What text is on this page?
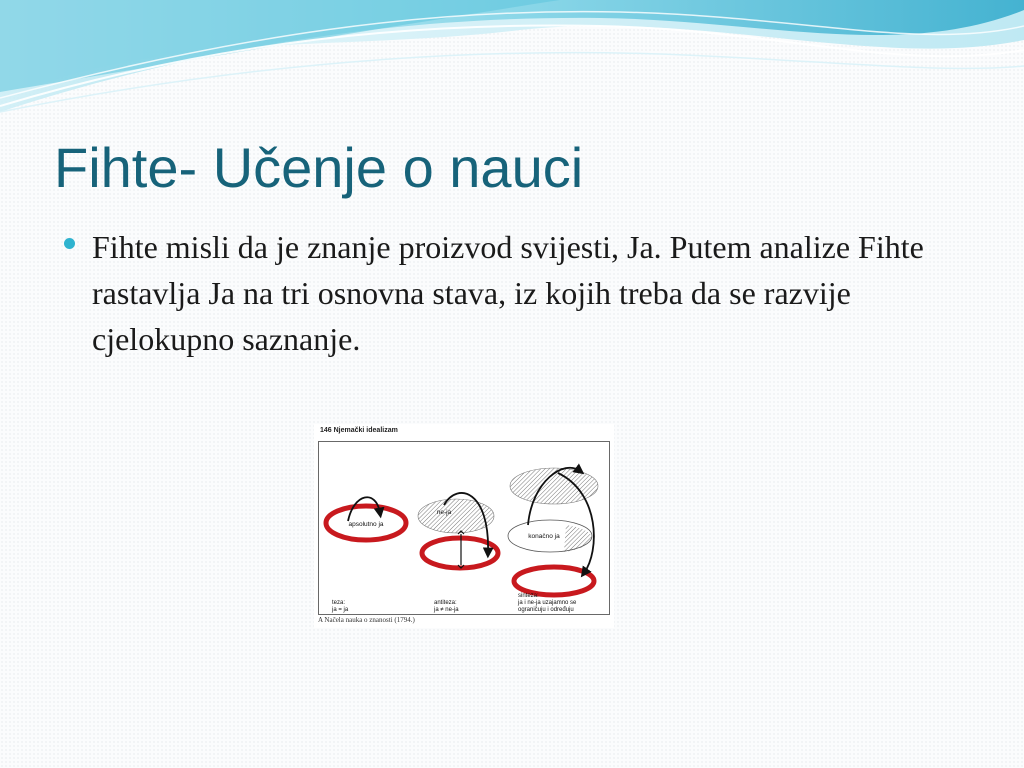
Fihte- Učenje o nauci

Fihte misli da je znanje proizvod svijesti, Ja. Putem analize Fihte rastavlja Ja na tri osnovna stava, iz kojih treba da se razvije cjelokupno saznanje.

146 Njemački idealizam
apsolutno ja
ne-ja
konačno ja
teza:
ja = ja
antiteza:
ja ≠ ne-ja
sinteza:
ja i ne-ja uzajamno se
ograničuju i određuju
A Načela nauka o znanosti (1794.)
